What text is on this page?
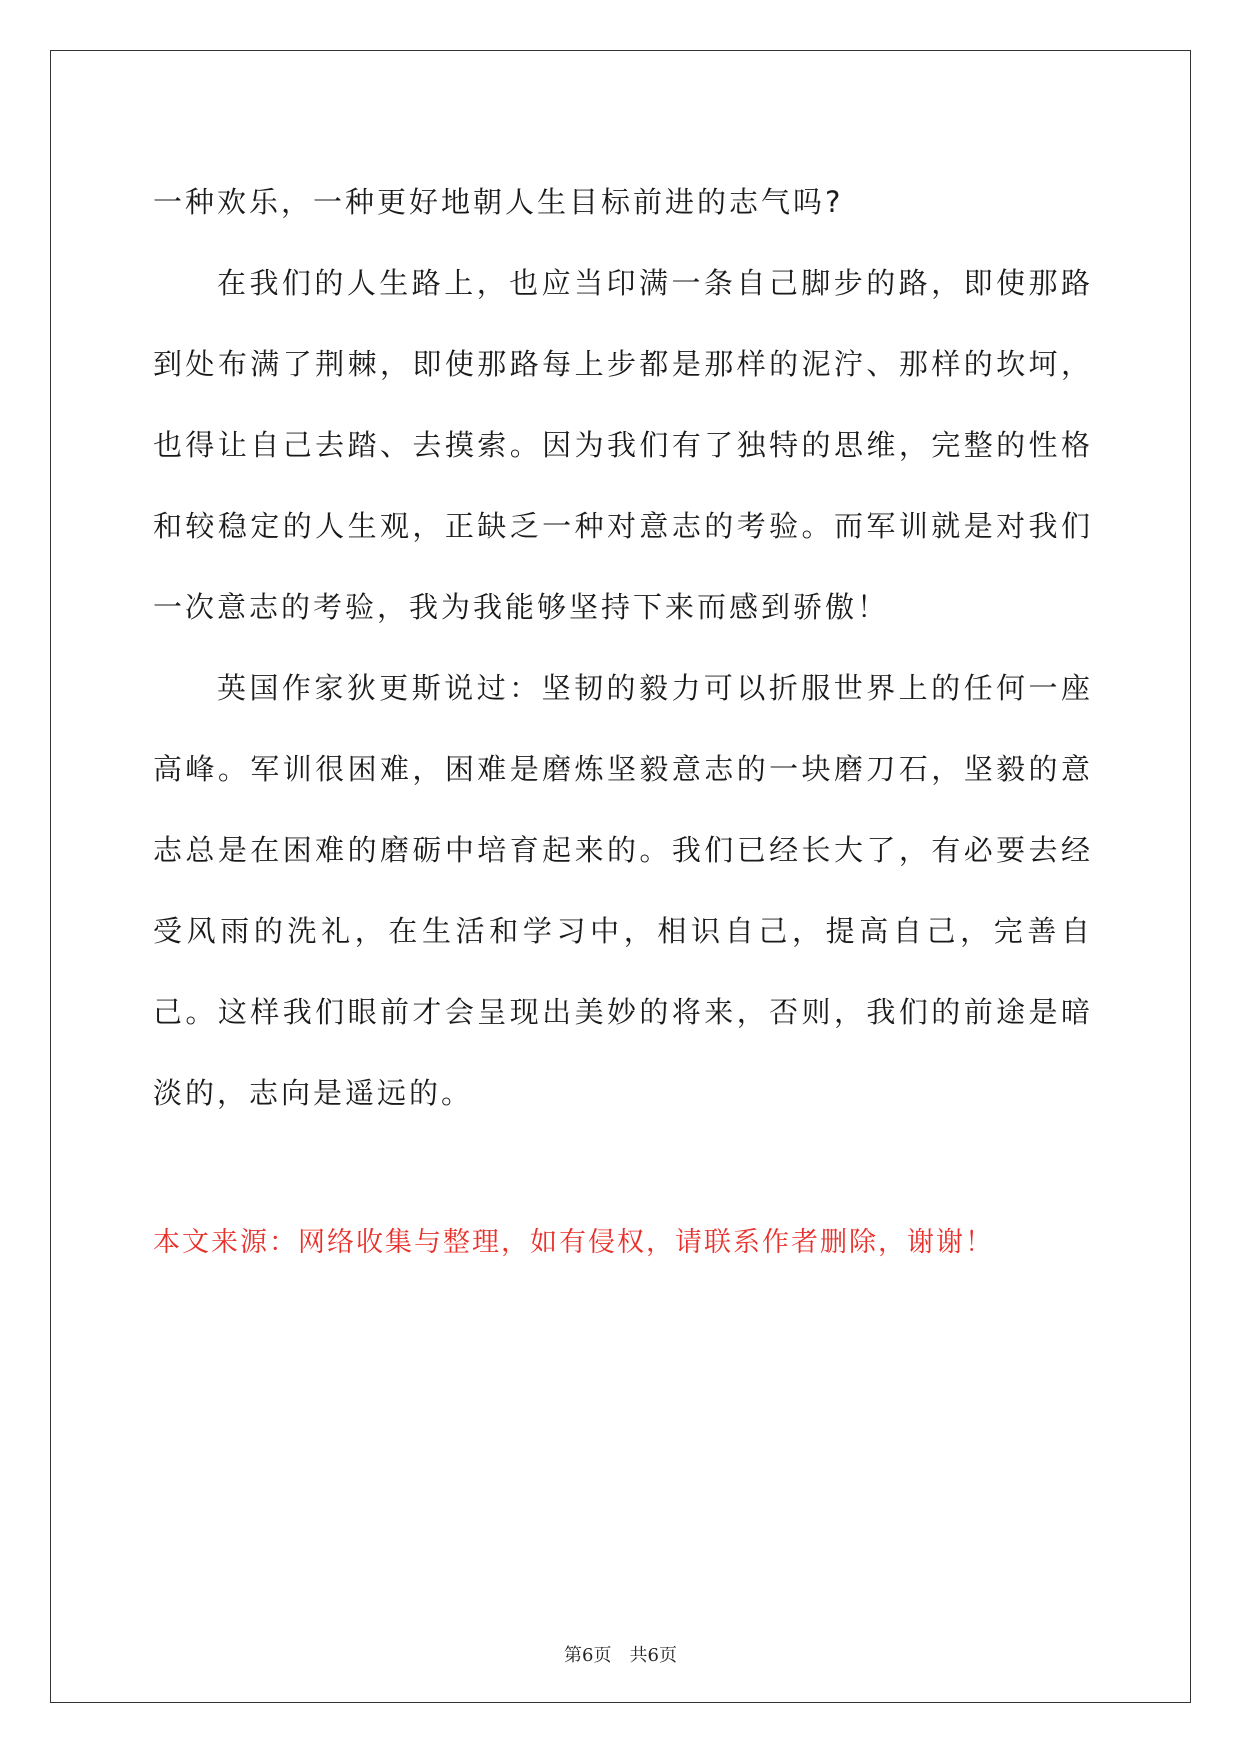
一种欢乐，一种更好地朝人生目标前进的志气吗?

在我们的人生路上，也应当印满一条自己脚步的路，即使那路到处布满了荆棘，即使那路每上步都是那样的泥泞、那样的坎坷，也得让自己去踏、去摸索。因为我们有了独特的思维，完整的性格和较稳定的人生观，正缺乏一种对意志的考验。而军训就是对我们一次意志的考验，我为我能够坚持下来而感到骄傲！

英国作家狄更斯说过：坚韧的毅力可以折服世界上的任何一座高峰。军训很困难，困难是磨炼坚毅意志的一块磨刀石，坚毅的意志总是在困难的磨砺中培育起来的。我们已经长大了，有必要去经受风雨的洗礼，在生活和学习中，相识自己，提高自己，完善自己。这样我们眼前才会呈现出美妙的将来，否则，我们的前途是暗淡的，志向是遥远的。

本文来源：网络收集与整理，如有侵权，请联系作者删除，谢谢！

第6页 共6页
